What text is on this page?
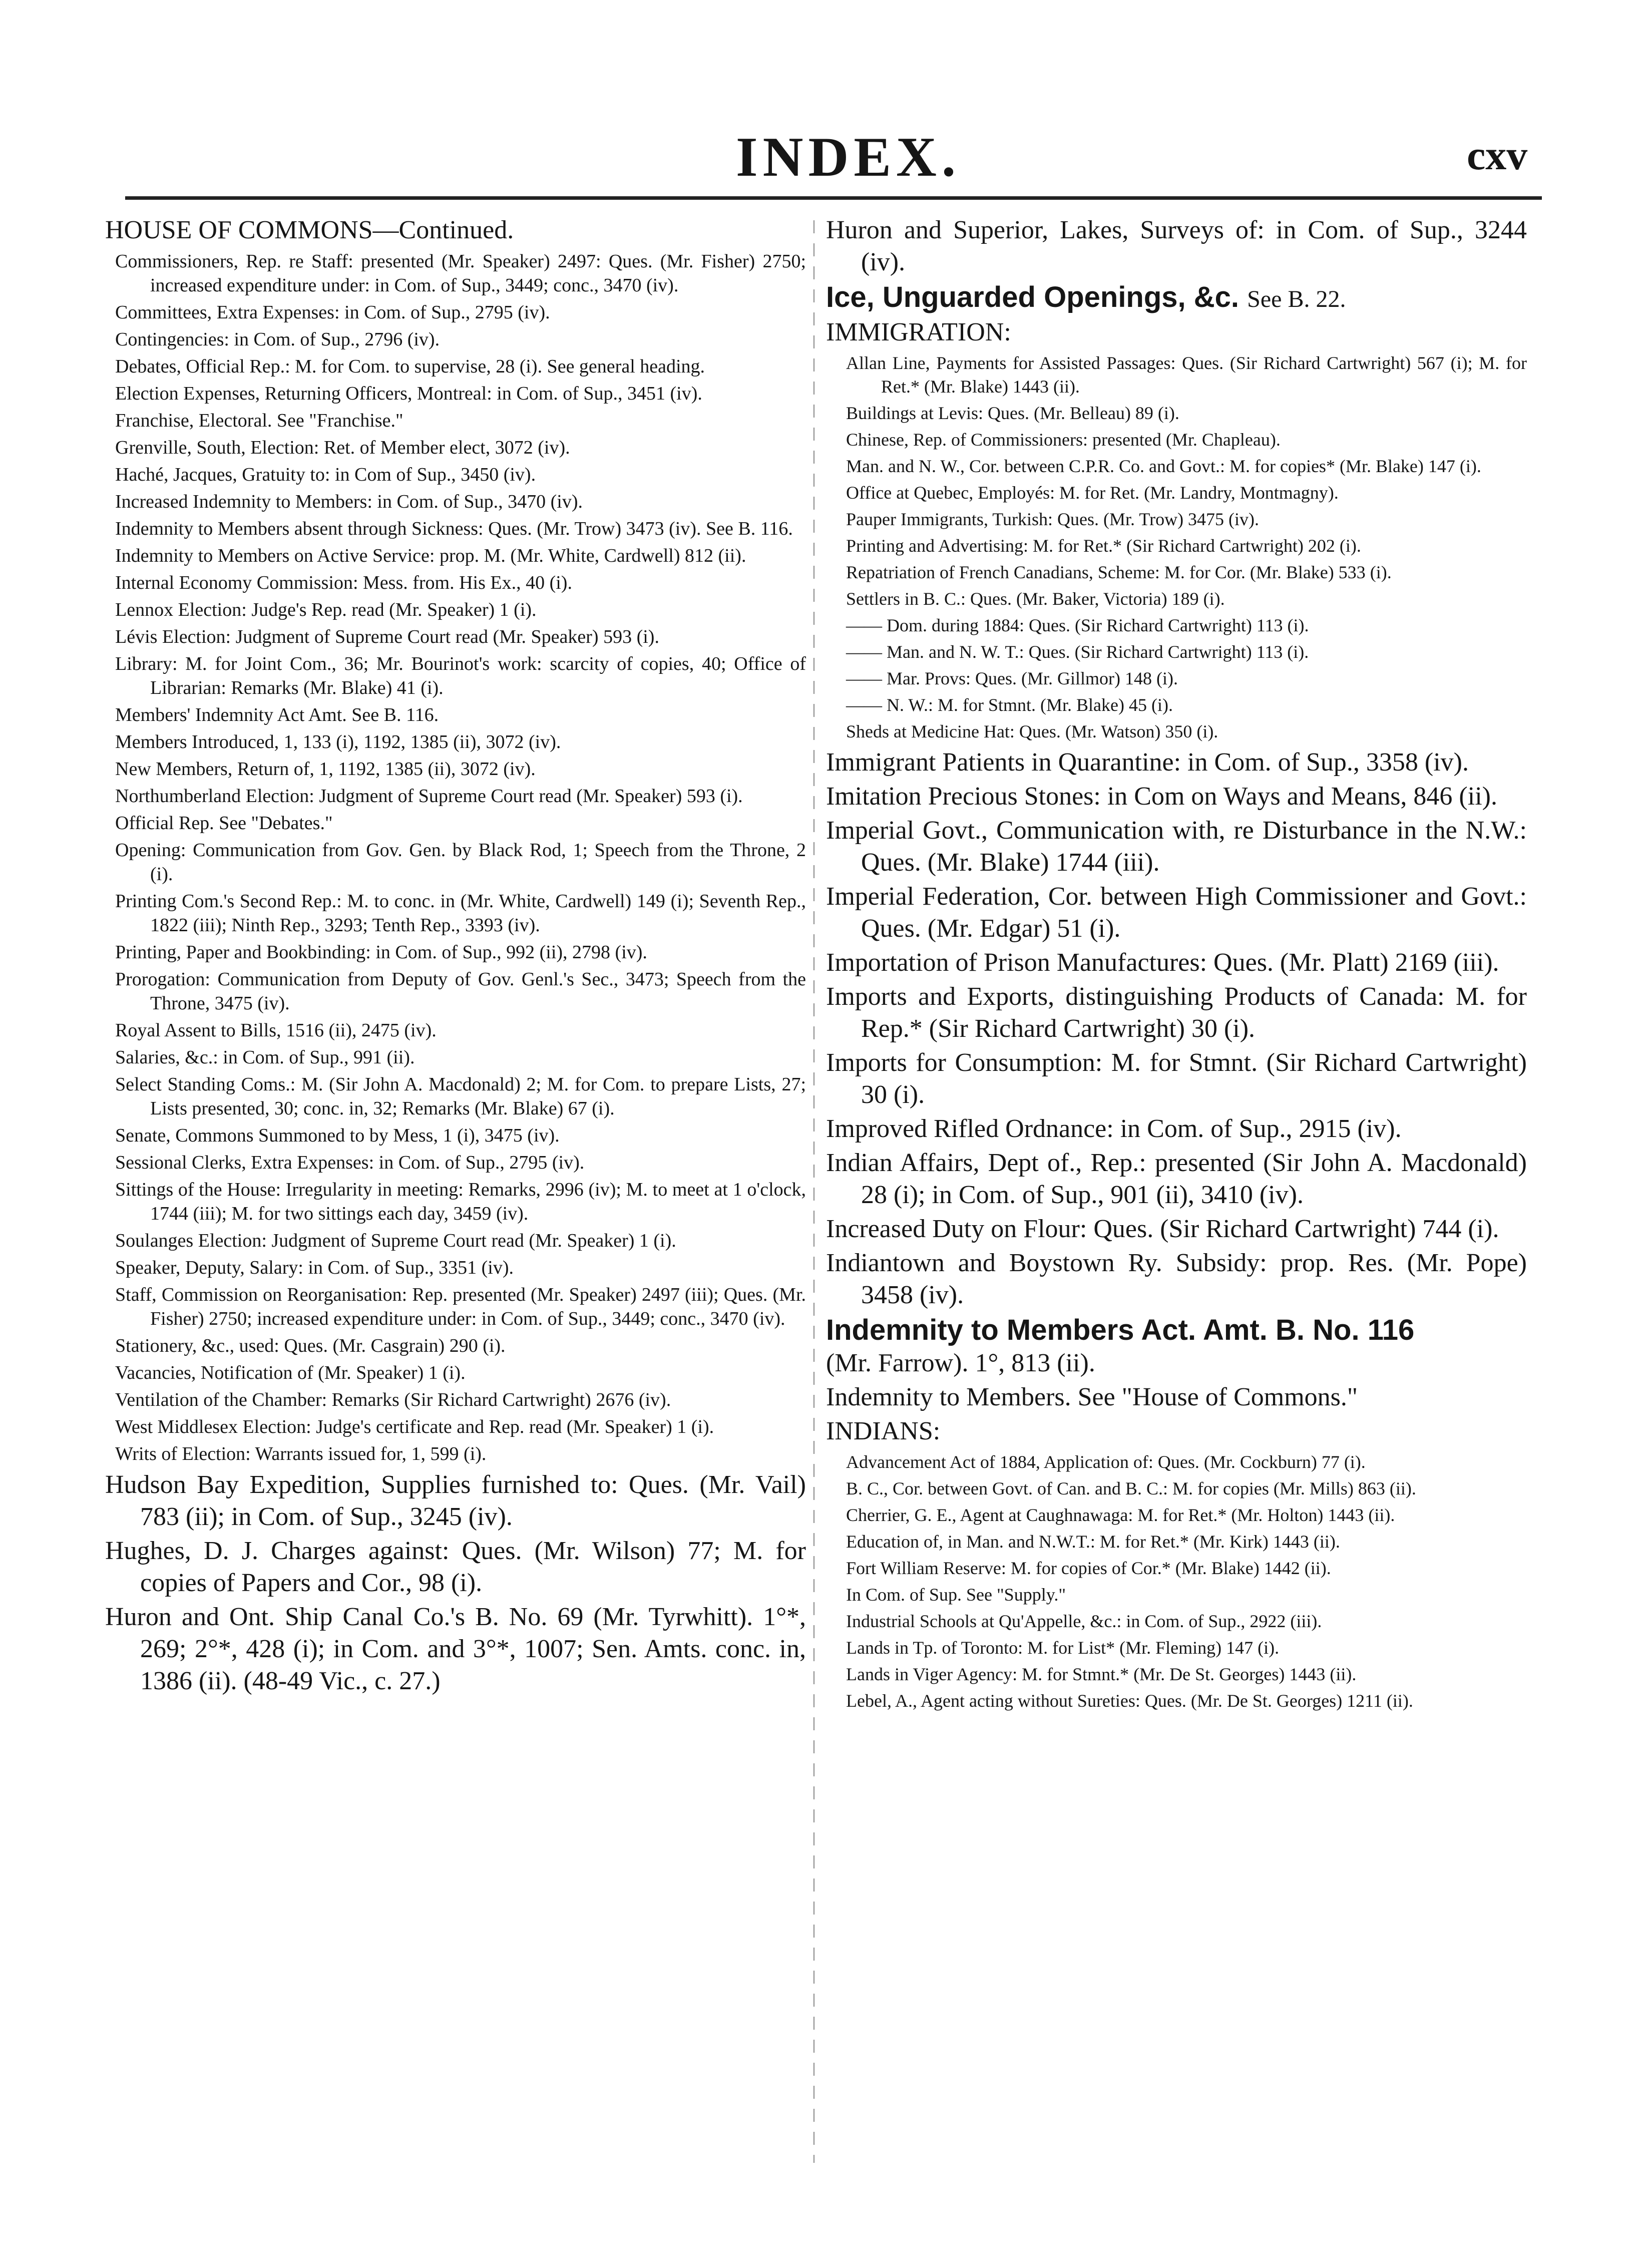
INDEX.	cxv

HOUSE OF COMMONS—Continued.

Commissioners, Rep. re Staff: presented (Mr. Speaker) 2497: Ques. (Mr. Fisher) 2750; increased expenditure under: in Com. of Sup., 3449; conc., 3470 (iv).

Committees, Extra Expenses: in Com. of Sup., 2795 (iv).

Contingencies: in Com. of Sup., 2796 (iv).

Debates, Official Rep.: M. for Com. to supervise, 28 (i). See general heading.

Election Expenses, Returning Officers, Montreal: in Com. of Sup., 3451 (iv).

Franchise, Electoral. See "Franchise."

Grenville, South, Election: Ret. of Member elect, 3072 (iv).

Haché, Jacques, Gratuity to: in Com of Sup., 3450 (iv).

Increased Indemnity to Members: in Com. of Sup., 3470 (iv).

Indemnity to Members absent through Sickness: Ques. (Mr. Trow) 3473 (iv). See B. 116.

Indemnity to Members on Active Service: prop. M. (Mr. White, Cardwell) 812 (ii).

Internal Economy Commission: Mess. from. His Ex., 40 (i).

Lennox Election: Judge's Rep. read (Mr. Speaker) 1 (i).

Lévis Election: Judgment of Supreme Court read (Mr. Speaker) 593 (i).

Library: M. for Joint Com., 36; Mr. Bourinot's work: scarcity of copies, 40; Office of Librarian: Remarks (Mr. Blake) 41 (i).

Members' Indemnity Act Amt. See B. 116.

Members Introduced, 1, 133 (i), 1192, 1385 (ii), 3072 (iv).

New Members, Return of, 1, 1192, 1385 (ii), 3072 (iv).

Northumberland Election: Judgment of Supreme Court read (Mr. Speaker) 593 (i).

Official Rep. See "Debates."

Opening: Communication from Gov. Gen. by Black Rod, 1; Speech from the Throne, 2 (i).

Printing Com.'s Second Rep.: M. to conc. in (Mr. White, Cardwell) 149 (i); Seventh Rep., 1822 (iii); Ninth Rep., 3293; Tenth Rep., 3393 (iv).

Printing, Paper and Bookbinding: in Com. of Sup., 992 (ii), 2798 (iv).

Prorogation: Communication from Deputy of Gov. Genl.'s Sec., 3473; Speech from the Throne, 3475 (iv).

Royal Assent to Bills, 1516 (ii), 2475 (iv).

Salaries, &c.: in Com. of Sup., 991 (ii).

Select Standing Coms.: M. (Sir John A. Macdonald) 2; M. for Com. to prepare Lists, 27; Lists presented, 30; conc. in, 32; Remarks (Mr. Blake) 67 (i).

Senate, Commons Summoned to by Mess, 1 (i), 3475 (iv).

Sessional Clerks, Extra Expenses: in Com. of Sup., 2795 (iv).

Sittings of the House: Irregularity in meeting: Remarks, 2996 (iv); M. to meet at 1 o'clock, 1744 (iii); M. for two sittings each day, 3459 (iv).

Soulanges Election: Judgment of Supreme Court read (Mr. Speaker) 1 (i).

Speaker, Deputy, Salary: in Com. of Sup., 3351 (iv).

Staff, Commission on Reorganisation: Rep. presented (Mr. Speaker) 2497 (iii); Ques. (Mr. Fisher) 2750; increased expenditure under: in Com. of Sup., 3449; conc., 3470 (iv).

Stationery, &c., used: Ques. (Mr. Casgrain) 290 (i).

Vacancies, Notification of (Mr. Speaker) 1 (i).

Ventilation of the Chamber: Remarks (Sir Richard Cartwright) 2676 (iv).

West Middlesex Election: Judge's certificate and Rep. read (Mr. Speaker) 1 (i).

Writs of Election: Warrants issued for, 1, 599 (i).

Hudson Bay Expedition, Supplies furnished to: Ques. (Mr. Vail) 783 (ii); in Com. of Sup., 3245 (iv).

Hughes, D. J. Charges against: Ques. (Mr. Wilson) 77; M. for copies of Papers and Cor., 98 (i).

Huron and Ont. Ship Canal Co.'s B. No. 69 (Mr. Tyrwhitt). 1°*, 269; 2°*, 428 (i); in Com. and 3°*, 1007; Sen. Amts. conc. in, 1386 (ii). (48-49 Vic., c. 27.)

Huron and Superior, Lakes, Surveys of: in Com. of Sup., 3244 (iv).

Ice, Unguarded Openings, &c. See B. 22.

IMMIGRATION:

Allan Line, Payments for Assisted Passages: Ques. (Sir Richard Cartwright) 567 (i); M. for Ret.* (Mr. Blake) 1443 (ii).

Buildings at Levis: Ques. (Mr. Belleau) 89 (i).

Chinese, Rep. of Commissioners: presented (Mr. Chapleau).

Man. and N. W., Cor. between C.P.R. Co. and Govt.: M. for copies* (Mr. Blake) 147 (i).

Office at Quebec, Employés: M. for Ret. (Mr. Landry, Montmagny).

Pauper Immigrants, Turkish: Ques. (Mr. Trow) 3475 (iv).

Printing and Advertising: M. for Ret.* (Sir Richard Cartwright) 202 (i).

Repatriation of French Canadians, Scheme: M. for Cor. (Mr. Blake) 533 (i).

Settlers in B. C.: Ques. (Mr. Baker, Victoria) 189 (i).

—— Dom. during 1884: Ques. (Sir Richard Cartwright) 113 (i).

—— Man. and N. W. T.: Ques. (Sir Richard Cartwright) 113 (i).

—— Mar. Provs: Ques. (Mr. Gillmor) 148 (i).

—— N. W.: M. for Stmnt. (Mr. Blake) 45 (i).

Sheds at Medicine Hat: Ques. (Mr. Watson) 350 (i).

Immigrant Patients in Quarantine: in Com. of Sup., 3358 (iv).

Imitation Precious Stones: in Com on Ways and Means, 846 (ii).

Imperial Govt., Communication with, re Disturbance in the N.W.: Ques. (Mr. Blake) 1744 (iii).

Imperial Federation, Cor. between High Commissioner and Govt.: Ques. (Mr. Edgar) 51 (i).

Importation of Prison Manufactures: Ques. (Mr. Platt) 2169 (iii).

Imports and Exports, distinguishing Products of Canada: M. for Rep.* (Sir Richard Cartwright) 30 (i).

Imports for Consumption: M. for Stmnt. (Sir Richard Cartwright) 30 (i).

Improved Rifled Ordnance: in Com. of Sup., 2915 (iv).

Indian Affairs, Dept of., Rep.: presented (Sir John A. Macdonald) 28 (i); in Com. of Sup., 901 (ii), 3410 (iv).

Increased Duty on Flour: Ques. (Sir Richard Cartwright) 744 (i).

Indiantown and Boystown Ry. Subsidy: prop. Res. (Mr. Pope) 3458 (iv).

Indemnity to Members Act. Amt. B. No. 116

(Mr. Farrow). 1°, 813 (ii).

Indemnity to Members. See "House of Commons."

INDIANS:

Advancement Act of 1884, Application of: Ques. (Mr. Cockburn) 77 (i).

B. C., Cor. between Govt. of Can. and B. C.: M. for copies (Mr. Mills) 863 (ii).

Cherrier, G. E., Agent at Caughnawaga: M. for Ret.* (Mr. Holton) 1443 (ii).

Education of, in Man. and N.W.T.: M. for Ret.* (Mr. Kirk) 1443 (ii).

Fort William Reserve: M. for copies of Cor.* (Mr. Blake) 1442 (ii).

In Com. of Sup. See "Supply."

Industrial Schools at Qu'Appelle, &c.: in Com. of Sup., 2922 (iii).

Lands in Tp. of Toronto: M. for List* (Mr. Fleming) 147 (i).

Lands in Viger Agency: M. for Stmnt.* (Mr. De St. Georges) 1443 (ii).

Lebel, A., Agent acting without Sureties: Ques. (Mr. De St. Georges) 1211 (ii).
